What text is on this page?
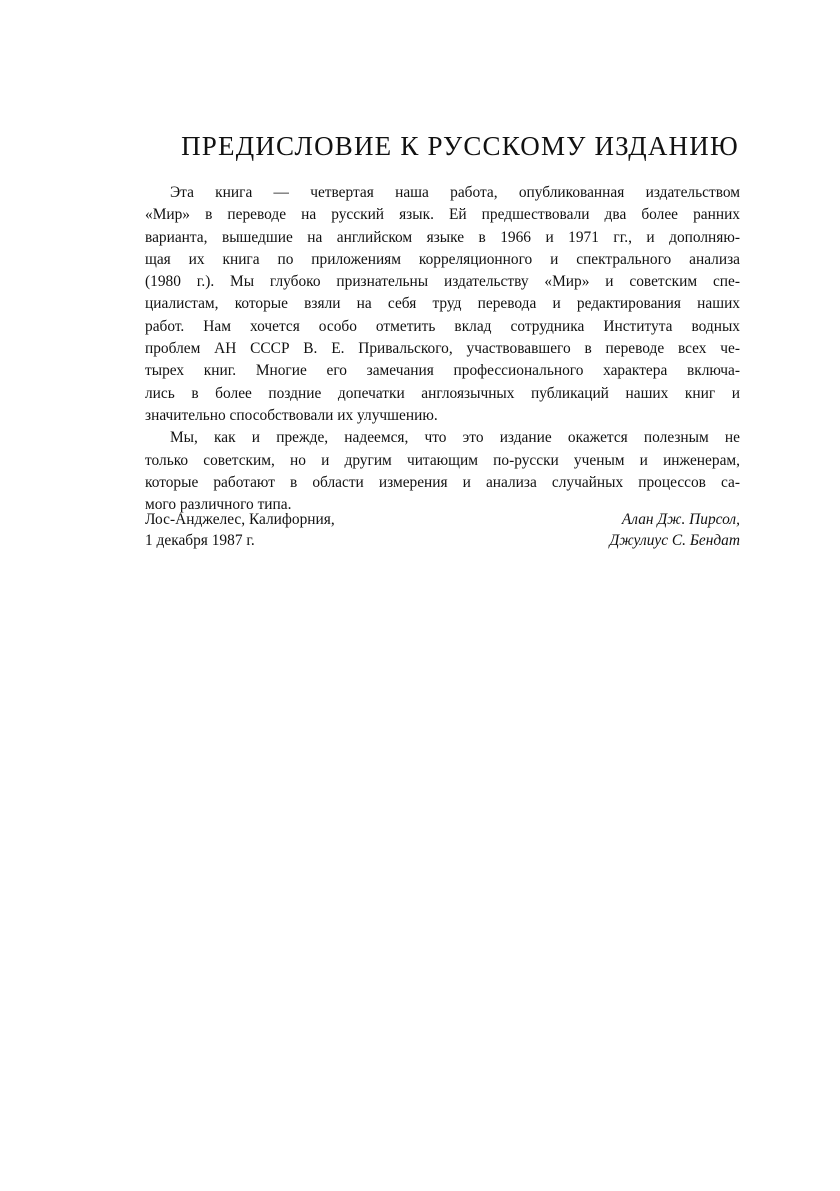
ПРЕДИСЛОВИЕ К РУССКОМУ ИЗДАНИЮ

Эта книга — четвертая наша работа, опубликованная издательством
«Мир» в переводе на русский язык. Ей предшествовали два более ранних
варианта, вышедшие на английском языке в 1966 и 1971 гг., и дополняю-
щая их книга по приложениям корреляционного и спектрального анализа
(1980 г.). Мы глубоко признательны издательству «Мир» и советским спе-
циалистам, которые взяли на себя труд перевода и редактирования наших
работ. Нам хочется особо отметить вклад сотрудника Института водных
проблем АН СССР В. Е. Привальского, участвовавшего в переводе всех че-
тырех книг. Многие его замечания профессионального характера включа-
лись в более поздние допечатки англоязычных публикаций наших книг и
значительно способствовали их улучшению.

Мы, как и прежде, надеемся, что это издание окажется полезным не
только советским, но и другим читающим по-русски ученым и инженерам,
которые работают в области измерения и анализа случайных процессов са-
мого различного типа.

Лос-Анджелес, Калифорния,
1 декабря 1987 г.
Алан Дж. Пирсол,
Джулиус С. Бендат
